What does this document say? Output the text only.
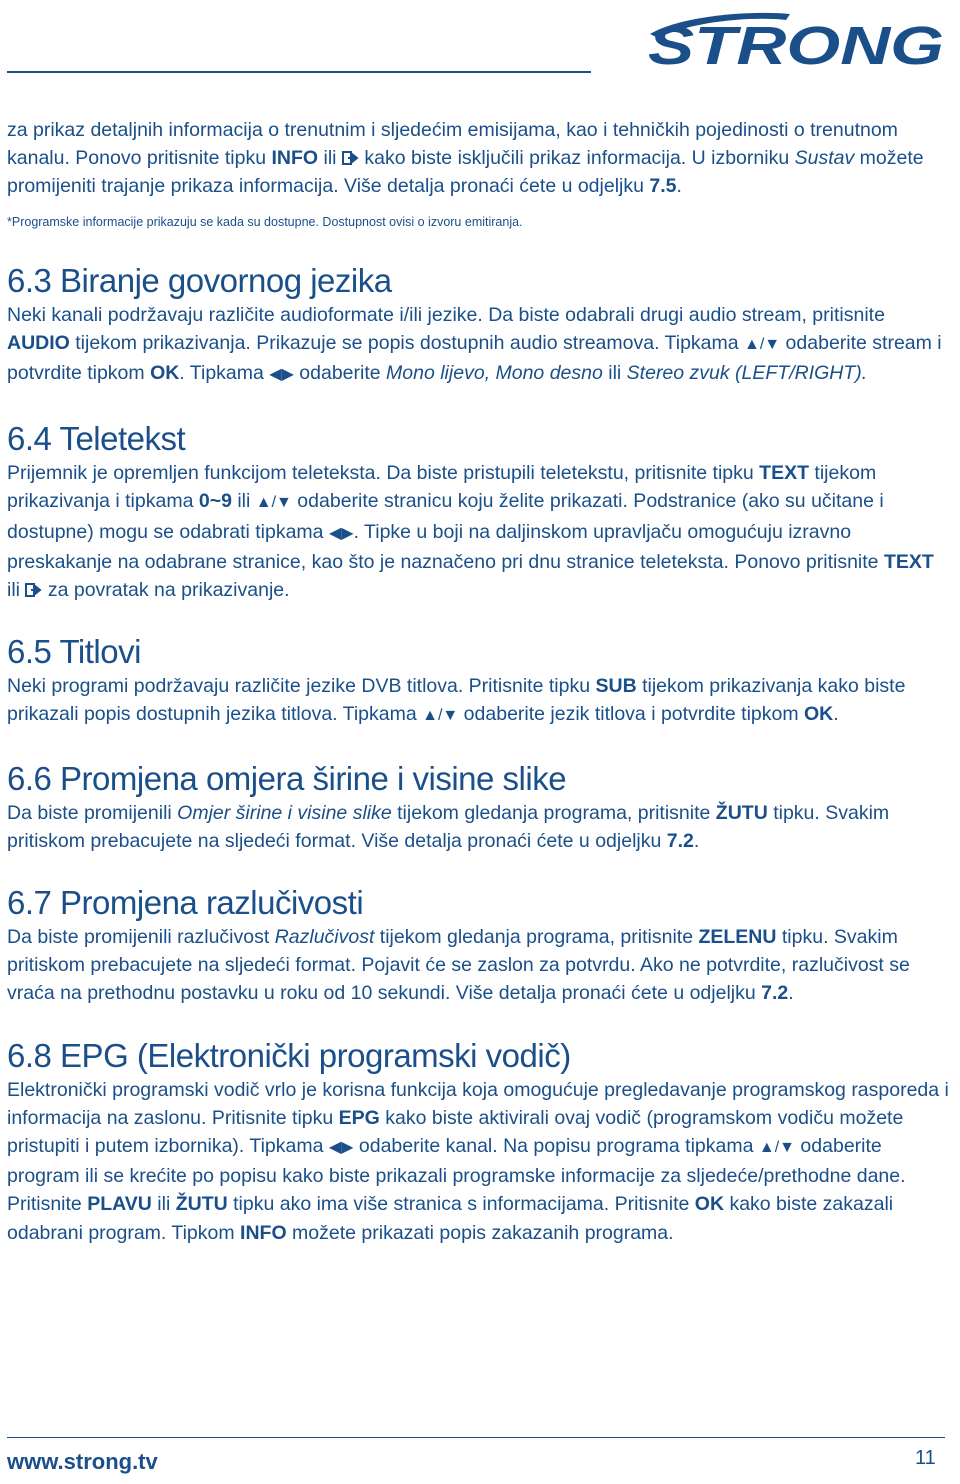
STRONG

za prikaz detaljnih informacija o trenutnim i sljedećim emisijama, kao i tehničkih pojedinosti o trenutnom kanalu. Ponovo pritisnite tipku INFO ili  kako biste isključili prikaz informacija. U izborniku Sustav možete promijeniti trajanje prikaza informacija. Više detalja pronaći ćete u odjeljku 7.5.

*Programske informacije prikazuju se kada su dostupne. Dostupnost ovisi o izvoru emitiranja.

6.3 Biranje govornog jezika

Neki kanali podržavaju različite audioformate i/ili jezike. Da biste odabrali drugi audio stream, pritisnite AUDIO tijekom prikazivanja. Prikazuje se popis dostupnih audio streamova. Tipkama ▲/▼ odaberite stream i potvrdite tipkom OK. Tipkama ◀▶ odaberite Mono lijevo, Mono desno ili Stereo zvuk (LEFT/RIGHT).

6.4 Teletekst

Prijemnik je opremljen funkcijom teleteksta. Da biste pristupili teletekstu, pritisnite tipku TEXT tijekom prikazivanja i tipkama 0~9 ili ▲/▼ odaberite stranicu koju želite prikazati. Podstranice (ako su učitane i dostupne) mogu se odabrati tipkama ◀▶. Tipke u boji na daljinskom upravljaču omogućuju izravno preskakanje na odabrane stranice, kao što je naznačeno pri dnu stranice teleteksta. Ponovo pritisnite TEXT ili  za povratak na prikazivanje.

6.5 Titlovi

Neki programi podržavaju različite jezike DVB titlova. Pritisnite tipku SUB tijekom prikazivanja kako biste prikazali popis dostupnih jezika titlova. Tipkama ▲/▼ odaberite jezik titlova i potvrdite tipkom OK.

6.6 Promjena omjera širine i visine slike

Da biste promijenili Omjer širine i visine slike tijekom gledanja programa, pritisnite ŽUTU tipku. Svakim pritiskom prebacujete na sljedeći format. Više detalja pronaći ćete u odjeljku 7.2.

6.7 Promjena razlučivosti

Da biste promijenili razlučivost Razlučivost tijekom gledanja programa, pritisnite ZELENU tipku. Svakim pritiskom prebacujete na sljedeći format. Pojavit će se zaslon za potvrdu. Ako ne potvrdite, razlučivost se vraća na prethodnu postavku u roku od 10 sekundi. Više detalja pronaći ćete u odjeljku 7.2.

6.8 EPG (Elektronički programski vodič)

Elektronički programski vodič vrlo je korisna funkcija koja omogućuje pregledavanje programskog rasporeda i informacija na zaslonu. Pritisnite tipku EPG kako biste aktivirali ovaj vodič (programskom vodiču možete pristupiti i putem izbornika). Tipkama ◀▶ odaberite kanal. Na popisu programa tipkama ▲/▼ odaberite program ili se krećite po popisu kako biste prikazali programske informacije za sljedeće/prethodne dane. Pritisnite PLAVU ili ŽUTU tipku ako ima više stranica s informacijama. Pritisnite OK kako biste zakazali odabrani program. Tipkom INFO možete prikazati popis zakazanih programa.

www.strong.tv	11
